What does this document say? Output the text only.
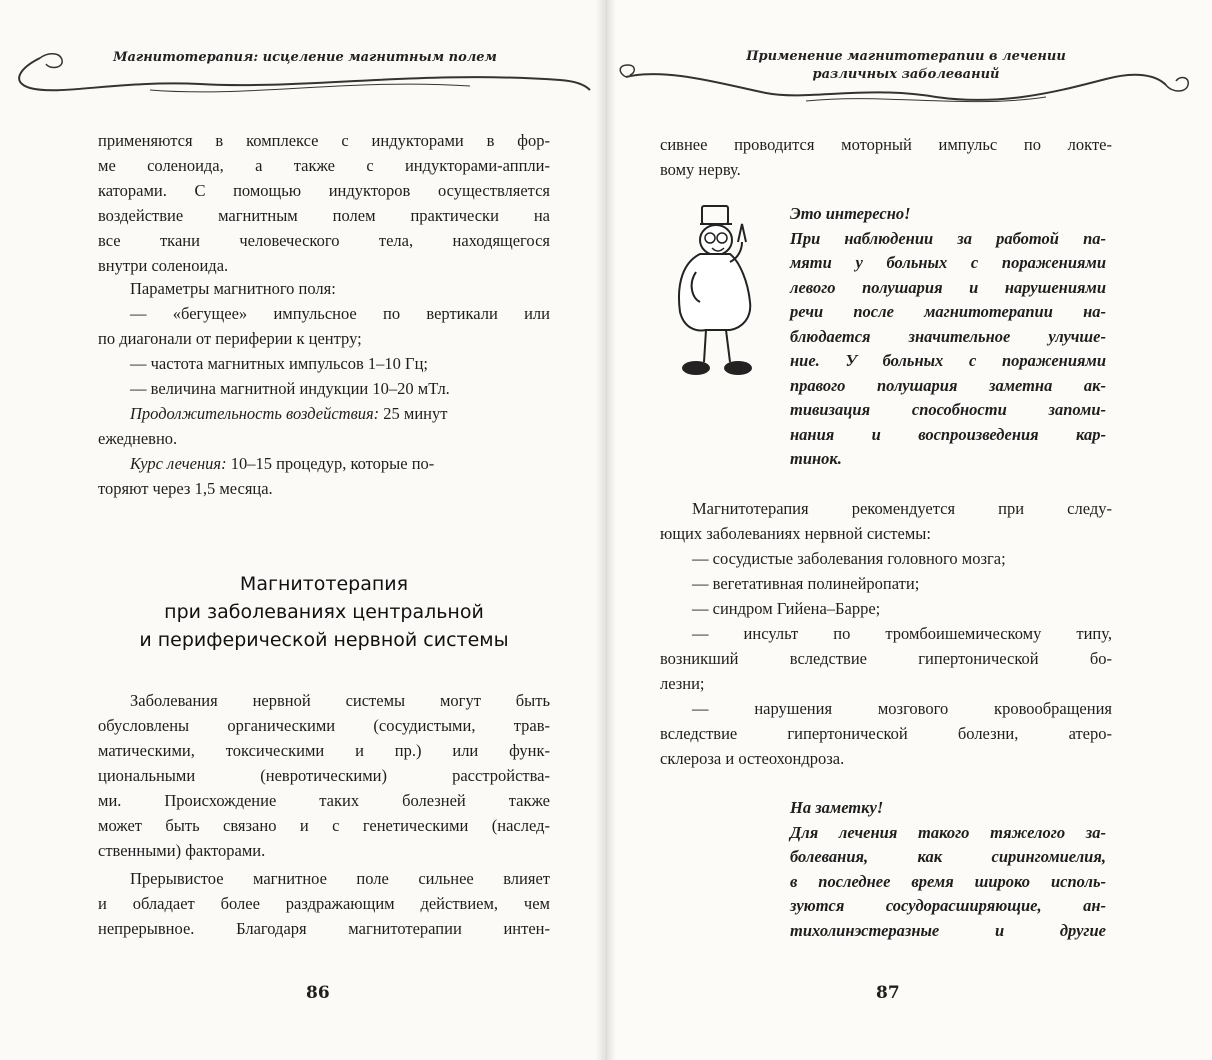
Магнитотерапия: исцеление магнитным полем
применяются в комплексе с индукторами в фор-
ме соленоида, а также с индукторами-аппли-
каторами. С помощью индукторов осуществляется
воздействие магнитным полем практически на
все ткани человеческого тела, находящегося
внутри соленоида.
Параметры магнитного поля:
— «бегущее» импульсное по вертикали или
по диагонали от периферии к центру;
— частота магнитных импульсов 1–10 Гц;
— величина магнитной индукции 10–20 мТл.
Продолжительность воздействия: 25 минут
ежедневно.
Курс лечения: 10–15 процедур, которые по-
торяют через 1,5 месяца.
Магнитотерапия
при заболеваниях центральной
и периферической нервной системы
Заболевания нервной системы могут быть
обусловлены органическими (сосудистыми, трав-
матическими, токсическими и пр.) или функ-
циональными (невротическими) расстройства-
ми. Происхождение таких болезней также
может быть связано и с генетическими (наслед-
ственными) факторами.
Прерывистое магнитное поле сильнее влияет
и обладает более раздражающим действием, чем
непрерывное. Благодаря магнитотерапии интен-
86
Применение магнитотерапии в лечении
различных заболеваний
сивнее проводится моторный импульс по локте-
вому нерву.
Это интересно!
При наблюдении за работой па-
мяти у больных с поражениями
левого полушария и нарушениями
речи после магнитотерапии на-
блюдается значительное улучше-
ние. У больных с поражениями
правого полушария заметна ак-
тивизация способности запоми-
нания и воспроизведения кар-
тинок.
Магнитотерапия рекомендуется при следу-
ющих заболеваниях нервной системы:
— сосудистые заболевания головного мозга;
— вегетативная полинейропати;
— синдром Гийена–Барре;
— инсульт по тромбоишемическому типу,
возникший вследствие гипертонической бо-
лезни;
— нарушения мозгового кровообращения
вследствие гипертонической болезни, атеро-
склероза и остеохондроза.
На заметку!
Для лечения такого тяжелого за-
болевания, как сирингомиелия,
в последнее время широко исполь-
зуются сосудорасширяющие, ан-
тихолинэстеразные и другие
87
